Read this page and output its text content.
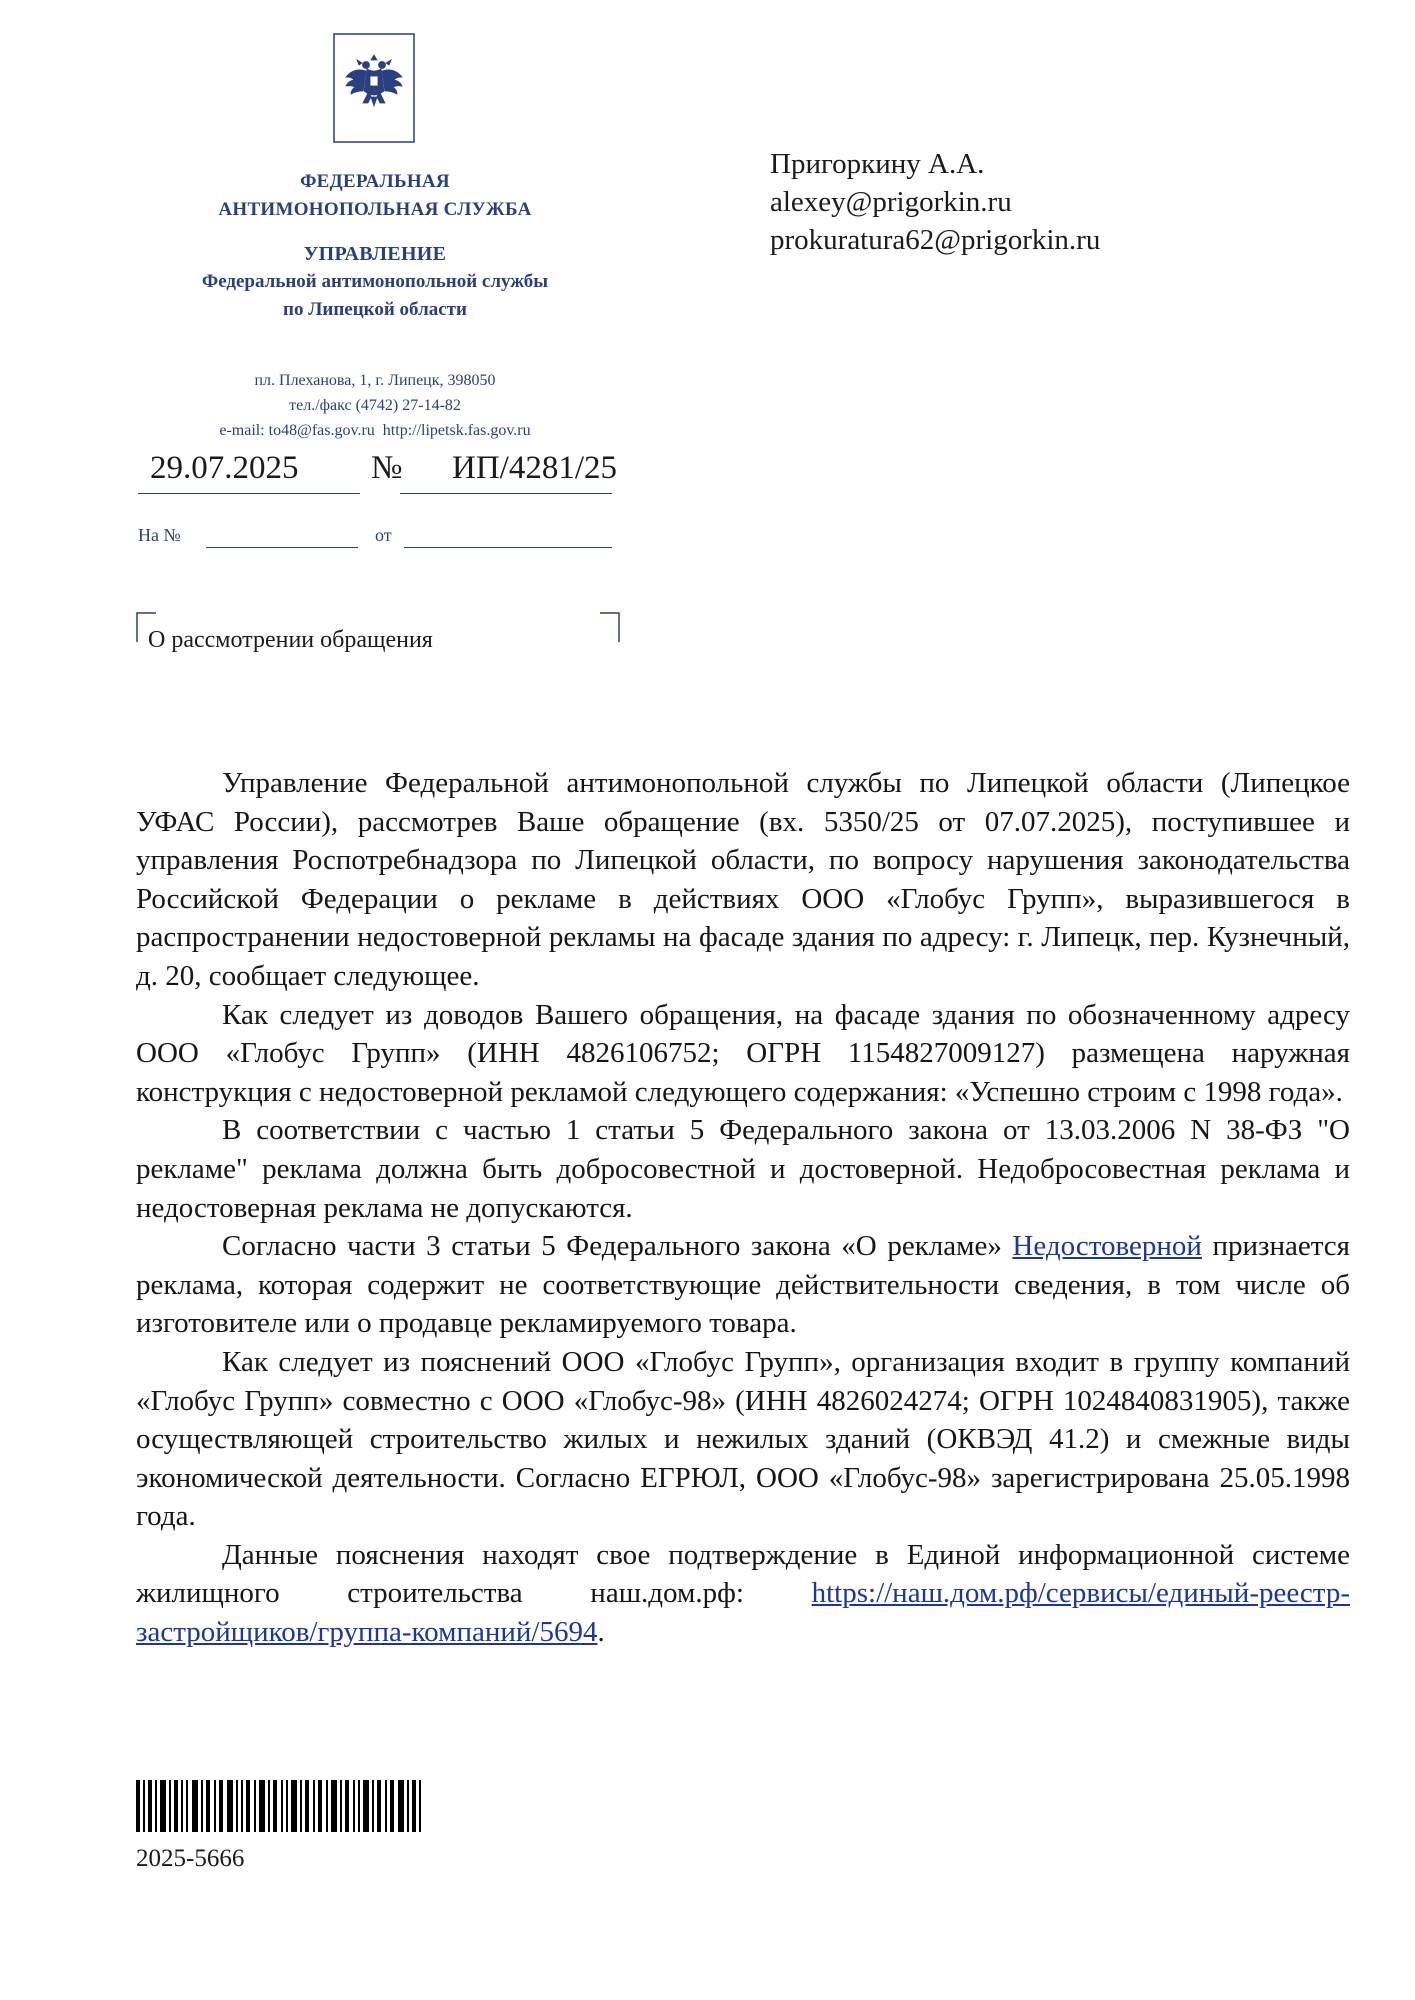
ФЕДЕРАЛЬНАЯ
АНТИМОНОПОЛЬНАЯ СЛУЖБА
УПРАВЛЕНИЕ
Федеральной антимонопольной службы
по Липецкой области
пл. Плеханова, 1, г. Липецк, 398050
тел./факс (4742) 27-14-82
e-mail: to48@fas.gov.ru  http://lipetsk.fas.gov.ru
29.07.2025 № ИП/4281/25
На №	от
О рассмотрении обращения
Пригоркину А.А.
alexey@prigorkin.ru
prokuratura62@prigorkin.ru

Управление Федеральной антимонопольной службы по Липецкой области (Липецкое УФАС России), рассмотрев Ваше обращение (вх. 5350/25 от 07.07.2025), поступившее и управления Роспотребнадзора по Липецкой области, по вопросу нарушения законодательства Российской Федерации о рекламе в действиях ООО «Глобус Групп», выразившегося в распространении недостоверной рекламы на фасаде здания по адресу: г. Липецк, пер. Кузнечный, д. 20, сообщает следующее.

Как следует из доводов Вашего обращения, на фасаде здания по обозначенному адресу ООО «Глобус Групп» (ИНН 4826106752; ОГРН 1154827009127) размещена наружная конструкция с недостоверной рекламой следующего содержания: «Успешно строим с 1998 года».

В соответствии с частью 1 статьи 5 Федерального закона от 13.03.2006 N 38-ФЗ "О рекламе" реклама должна быть добросовестной и достоверной. Недобросовестная реклама и недостоверная реклама не допускаются.

Согласно части 3 статьи 5 Федерального закона «О рекламе» Недостоверной признается реклама, которая содержит не соответствующие действительности сведения, в том числе об изготовителе или о продавце рекламируемого товара.

Как следует из пояснений ООО «Глобус Групп», организация входит в группу компаний «Глобус Групп» совместно с ООО «Глобус-98» (ИНН 4826024274; ОГРН 1024840831905), также осуществляющей строительство жилых и нежилых зданий (ОКВЭД 41.2) и смежные виды экономической деятельности. Согласно ЕГРЮЛ, ООО «Глобус-98» зарегистрирована 25.05.1998 года.

Данные пояснения находят свое подтверждение в Единой информационной системе жилищного строительства наш.дом.рф: https://наш.дом.рф/сервисы/единый-реестр-застройщиков/группа-компаний/5694.

2025-5666
